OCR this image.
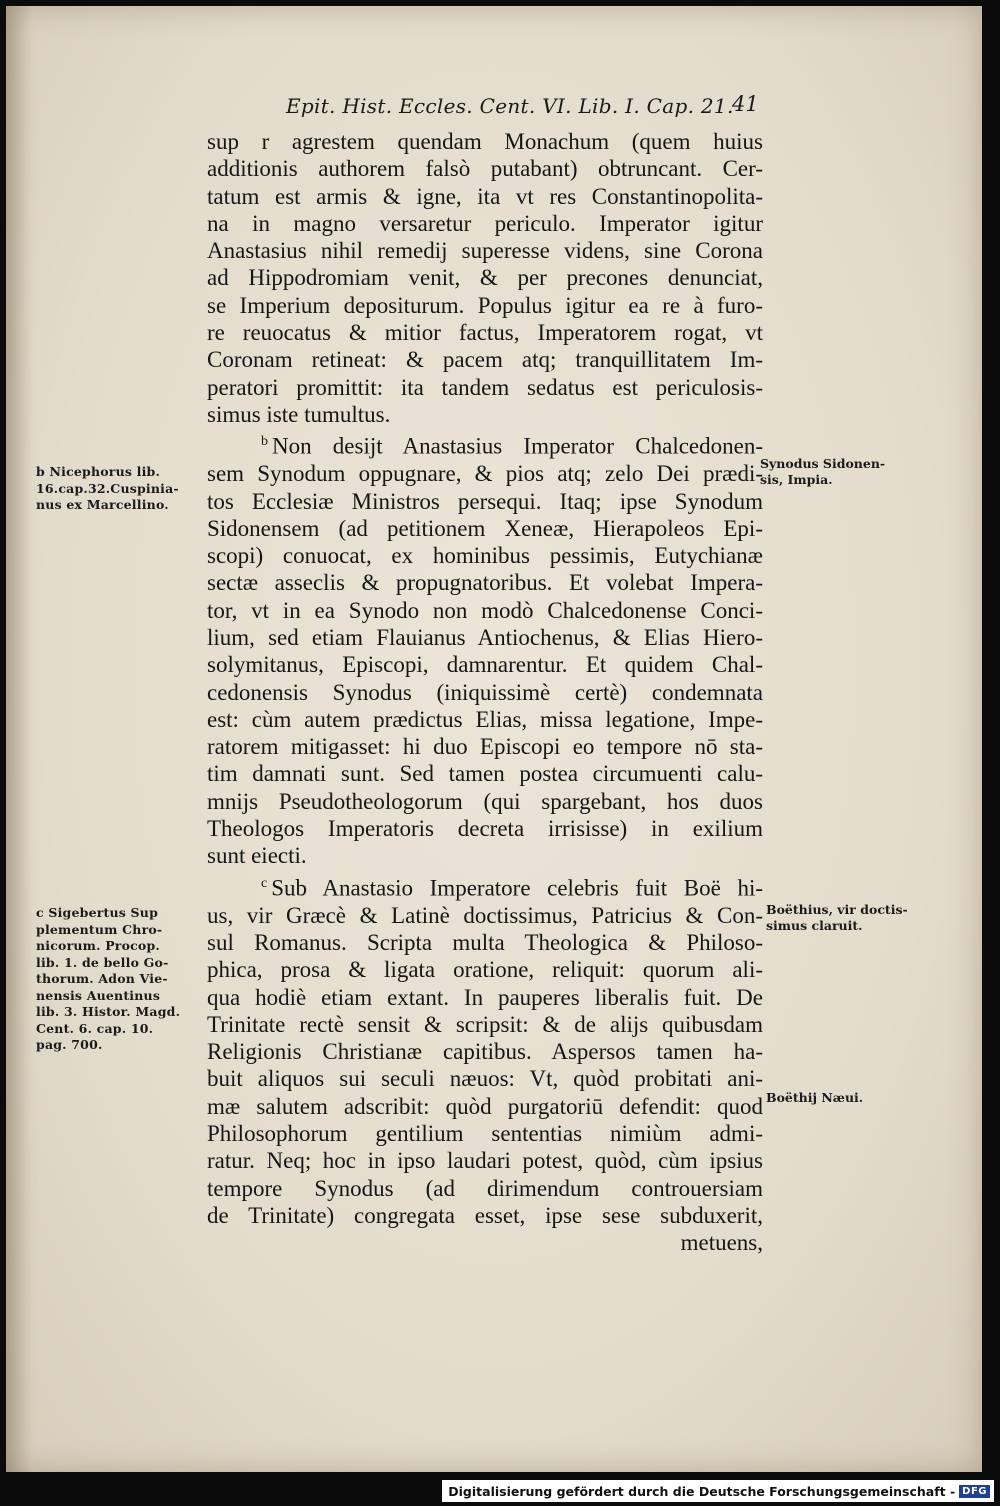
Epit. Hist. Eccles. Cent. VI. Lib. I. Cap. 21.
41
sup r agrestem quendam Monachum (quem huius
additionis authorem falsò putabant) obtruncant. Cer-
tatum est armis & igne, ita vt res Constantinopolita-
na in magno versaretur periculo. Imperator igitur
Anastasius nihil remedij superesse videns, sine Corona
ad Hippodromiam venit, & per precones denunciat,
se Imperium depositurum. Populus igitur ea re à furo-
re reuocatus & mitior factus, Imperatorem rogat, vt
Coronam retineat: & pacem atq; tranquillitatem Im-
peratori promittit: ita tandem sedatus est periculosis-
simus iste tumultus.
$^b$ Non desijt Anastasius Imperator Chalcedonen-
sem Synodum oppugnare, & pios atq; zelo Dei prædi-
tos Ecclesiæ Ministros persequi. Itaq; ipse Synodum
Sidonensem (ad petitionem Xeneæ, Hierapoleos Epi-
scopi) conuocat, ex hominibus pessimis, Eutychianæ
sectæ asseclis & propugnatoribus. Et volebat Impera-
tor, vt in ea Synodo non modò Chalcedonense Conci-
lium, sed etiam Flauianus Antiochenus, & Elias Hiero-
solymitanus, Episcopi, damnarentur. Et quidem Chal-
cedonensis Synodus (iniquissimè certè) condemnata
est: cùm autem prædictus Elias, missa legatione, Impe-
ratorem mitigasset: hi duo Episcopi eo tempore nō sta-
tim damnati sunt. Sed tamen postea circumuenti calu-
mnijs Pseudotheologorum (qui spargebant, hos duos
Theologos Imperatoris decreta irrisisse) in exilium
sunt eiecti.
$^c$ Sub Anastasio Imperatore celebris fuit Boë hi-
us, vir Græcè & Latinè doctissimus, Patricius & Con-
sul Romanus. Scripta multa Theologica & Philoso-
phica, prosa & ligata oratione, reliquit: quorum ali-
qua hodiè etiam extant. In pauperes liberalis fuit. De
Trinitate rectè sensit & scripsit: & de alijs quibusdam
Religionis Christianæ capitibus. Aspersos tamen ha-
buit aliquos sui seculi næuos: Vt, quòd probitati ani-
mæ salutem adscribit: quòd purgatoriū defendit: quod
Philosophorum gentilium sententias nimiùm admi-
ratur. Neq; hoc in ipso laudari potest, quòd, cùm ipsius
tempore Synodus (ad dirimendum controuersiam
de Trinitate) congregata esset, ipse sese subduxerit,
metuens,
b Nicephorus lib.
16.cap.32.Cuspinia-
nus ex Marcellino.
c Sigebertus Sup
plementum Chro-
nicorum. Procop.
lib. 1. de bello Go-
thorum. Adon Vie-
nensis Auentinus
lib. 3. Histor. Magd.
Cent. 6. cap. 10.
pag. 700.
Synodus Sidonen-
sis, Impia.
Boëthius, vir doctis-
simus claruit.
Boëthij Næui.
Digitalisierung gefördert durch die Deutsche Forschungsgemeinschaft - DFG
